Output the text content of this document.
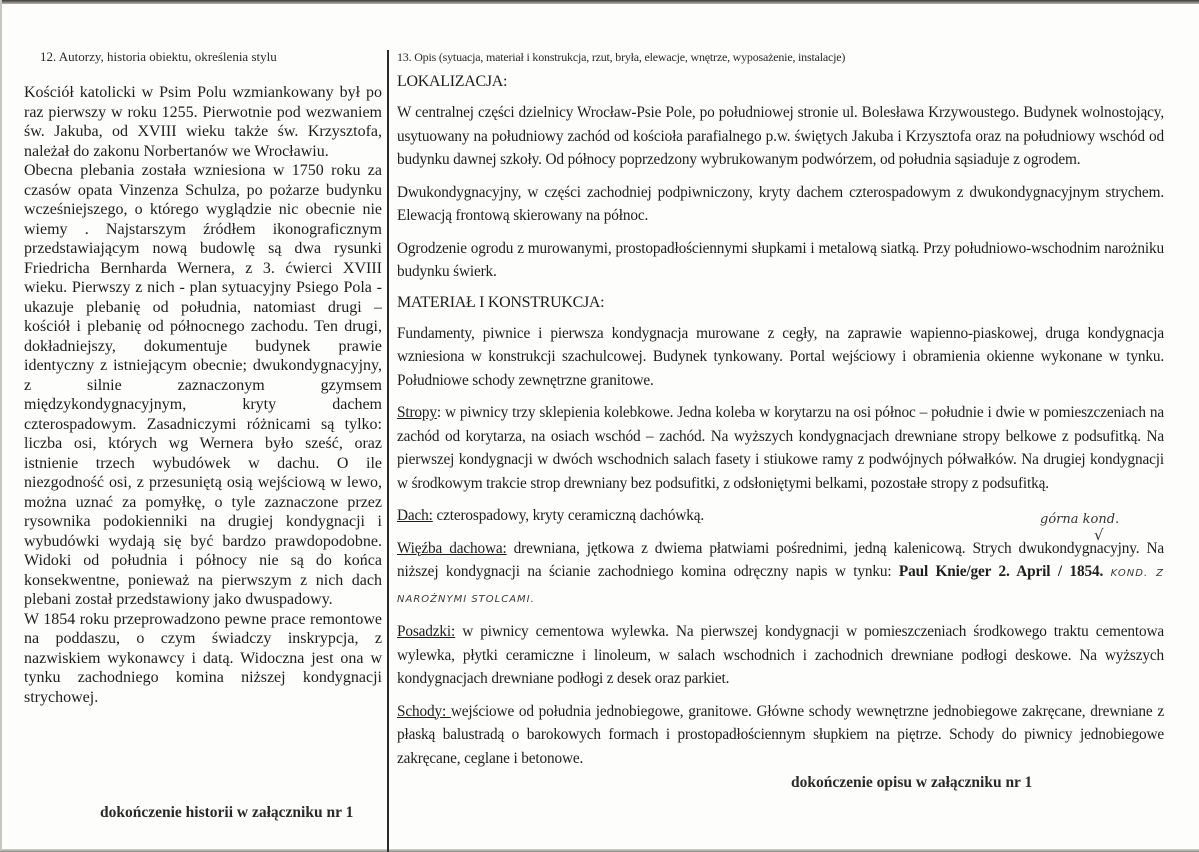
12. Autorzy, historia obiektu, określenia stylu

Kościół katolicki w Psim Polu wzmiankowany był po raz pierwszy w roku 1255. Pierwotnie pod wezwaniem św. Jakuba, od XVIII wieku także św. Krzysztofa, należał do zakonu Norbertanów we Wrocławiu.

Obecna plebania została wzniesiona w 1750 roku za czasów opata Vinzenza Schulza, po pożarze budynku wcześniejszego, o którego wyglądzie nic obecnie nie wiemy . Najstarszym źródłem ikonograficznym przedstawiającym nową budowlę są dwa rysunki Friedricha Bernharda Wernera, z 3. ćwierci XVIII wieku. Pierwszy z nich - plan sytuacyjny Psiego Pola - ukazuje plebanię od południa, natomiast drugi – kościół i plebanię od północnego zachodu. Ten drugi, dokładniejszy, dokumentuje budynek prawie identyczny z istniejącym obecnie; dwukondygnacyjny, z silnie zaznaczonym gzymsem międzykondygnacyjnym, kryty dachem czterospadowym. Zasadniczymi różnicami są tylko: liczba osi, których wg Wernera było sześć, oraz istnienie trzech wybudówek w dachu. O ile niezgodność osi, z przesuniętą osią wejściową w lewo, można uznać za pomyłkę, o tyle zaznaczone przez rysownika podokienniki na drugiej kondygnacji i wybudówki wydają się być bardzo prawdopodobne. Widoki od południa i północy nie są do końca konsekwentne, ponieważ na pierwszym z nich dach plebani został przedstawiony jako dwuspadowy.

W 1854 roku przeprowadzono pewne prace remontowe na poddaszu, o czym świadczy inskrypcja, z nazwiskiem wykonawcy i datą. Widoczna jest ona w tynku zachodniego komina niższej kondygnacji strychowej.

dokończenie historii w załączniku nr 1
13. Opis (sytuacja, materiał i konstrukcja, rzut, bryła, elewacje, wnętrze, wyposażenie, instalacje)
LOKALIZACJA:

W centralnej części dzielnicy Wrocław-Psie Pole, po południowej stronie ul. Bolesława Krzywoustego. Budynek wolnostojący, usytuowany na południowy zachód od kościoła parafialnego p.w. świętych Jakuba i Krzysztofa oraz na południowy wschód od budynku dawnej szkoły. Od północy poprzedzony wybrukowanym podwórzem, od południa sąsiaduje z ogrodem.

Dwukondygnacyjny, w części zachodniej podpiwniczony, kryty dachem czterospadowym z dwukondygnacyjnym strychem. Elewacją frontową skierowany na północ.

Ogrodzenie ogrodu z murowanymi, prostopadłościennymi słupkami i metalową siatką. Przy południowo-wschodnim narożniku budynku świerk.

MATERIAŁ I KONSTRUKCJA:

Fundamenty, piwnice i pierwsza kondygnacja murowane z cegły, na zaprawie wapienno-piaskowej, druga kondygnacja wzniesiona w konstrukcji szachulcowej. Budynek tynkowany. Portal wejściowy i obramienia okienne wykonane w tynku. Południowe schody zewnętrzne granitowe.

Stropy: w piwnicy trzy sklepienia kolebkowe. Jedna koleba w korytarzu na osi północ – południe i dwie w pomieszczeniach na zachód od korytarza, na osiach wschód – zachód. Na wyższych kondygnacjach drewniane stropy belkowe z podsufitką. Na pierwszej kondygnacji w dwóch wschodnich salach fasety i stiukowe ramy z podwójnych półwałków. Na drugiej kondygnacji w środkowym trakcie strop drewniany bez podsufitki, z odsłoniętymi belkami, pozostałe stropy z podsufitką.

Dach: czterospadowy, kryty ceramiczną dachówką.

Więźba dachowa: drewniana, jętkowa z dwiema płatwiami pośrednimi, jedną kalenicową. Strych dwukondygnacyjny. Na niższej kondygnacji na ścianie zachodniego komina odręczny napis w tynku: Paul Knie/ger 2. April / 1854. KOND. Z NAROŻNYMI STOLCAMI.

Posadzki: w piwnicy cementowa wylewka. Na pierwszej kondygnacji w pomieszczeniach środkowego traktu cementowa wylewka, płytki ceramiczne i linoleum, w salach wschodnich i zachodnich drewniane podłogi deskowe. Na wyższych kondygnacjach drewniane podłogi z desek oraz parkiet.

Schody: wejściowe od południa jednobiegowe, granitowe. Główne schody wewnętrzne jednobiegowe zakręcane, drewniane z płaską balustradą o barokowych formach i prostopadłościennym słupkiem na piętrze. Schody do piwnicy jednobiegowe zakręcane, ceglane i betonowe.

górna kond.
√
dokończenie opisu w załączniku nr 1
